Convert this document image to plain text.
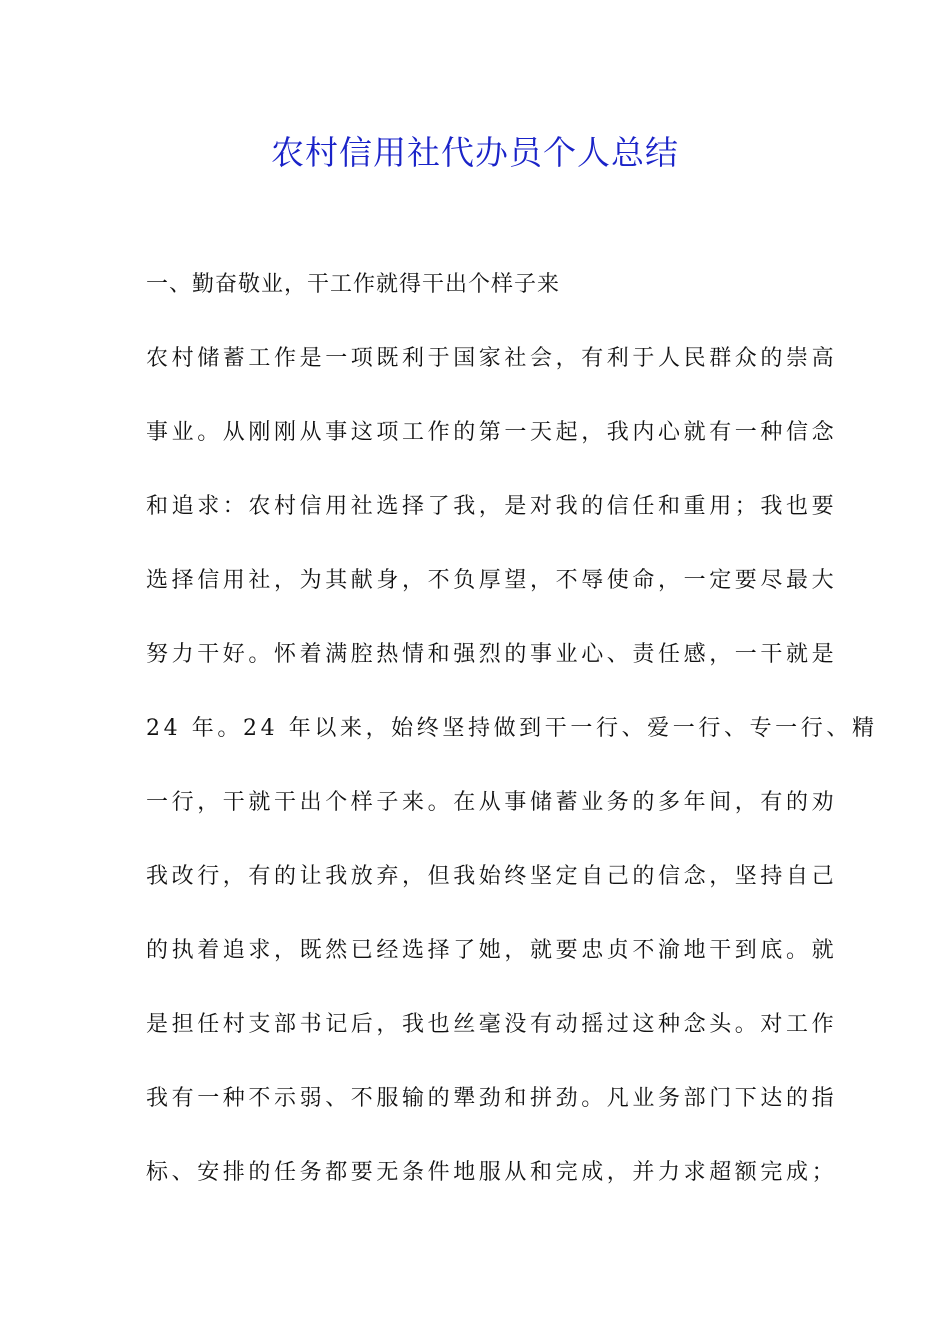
农村信用社代办员个人总结
一、勤奋敬业，干工作就得干出个样子来
农村储蓄工作是一项既利于国家社会，有利于人民群众的崇高
事业。从刚刚从事这项工作的第一天起，我内心就有一种信念
和追求：农村信用社选择了我，是对我的信任和重用；我也要
选择信用社，为其献身，不负厚望，不辱使命，一定要尽最大
努力干好。怀着满腔热情和强烈的事业心、责任感，一干就是
24 年。24 年以来，始终坚持做到干一行、爱一行、专一行、精
一行，干就干出个样子来。在从事储蓄业务的多年间，有的劝
我改行，有的让我放弃，但我始终坚定自己的信念，坚持自己
的执着追求，既然已经选择了她，就要忠贞不渝地干到底。就
是担任村支部书记后，我也丝毫没有动摇过这种念头。对工作
我有一种不示弱、不服输的犟劲和拼劲。凡业务部门下达的指
标、安排的任务都要无条件地服从和完成，并力求超额完成；
